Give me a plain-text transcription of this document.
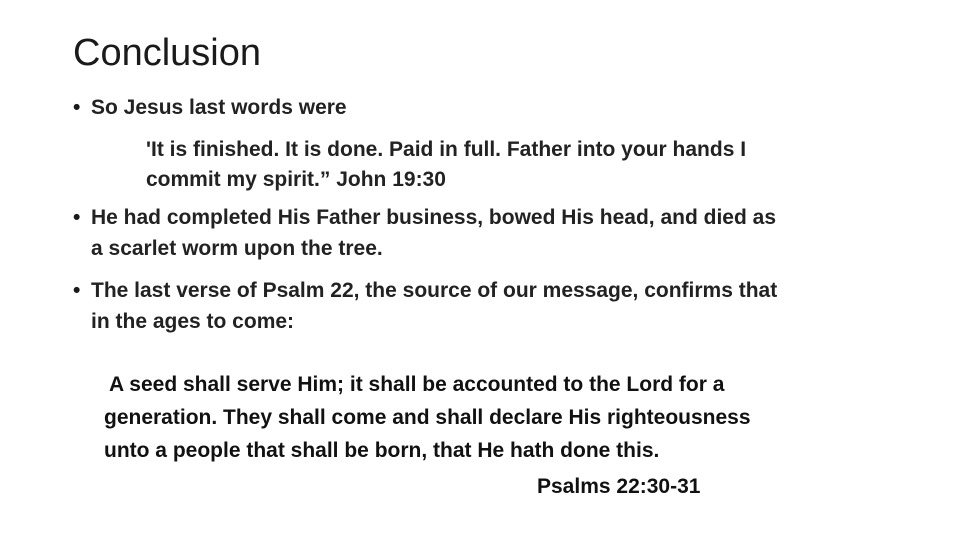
Conclusion
• So Jesus last words were
'It is finished. It is done. Paid in full. Father into your hands I
commit my spirit.” John 19:30
• He had completed His Father business, bowed His head, and died as
a scarlet worm upon the tree.
• The last verse of Psalm 22, the source of our message, confirms that
in the ages to come:
A seed shall serve Him; it shall be accounted to the Lord for a
generation. They shall come and shall declare His righteousness
unto a people that shall be born, that He hath done this.
Psalms 22:30-31
